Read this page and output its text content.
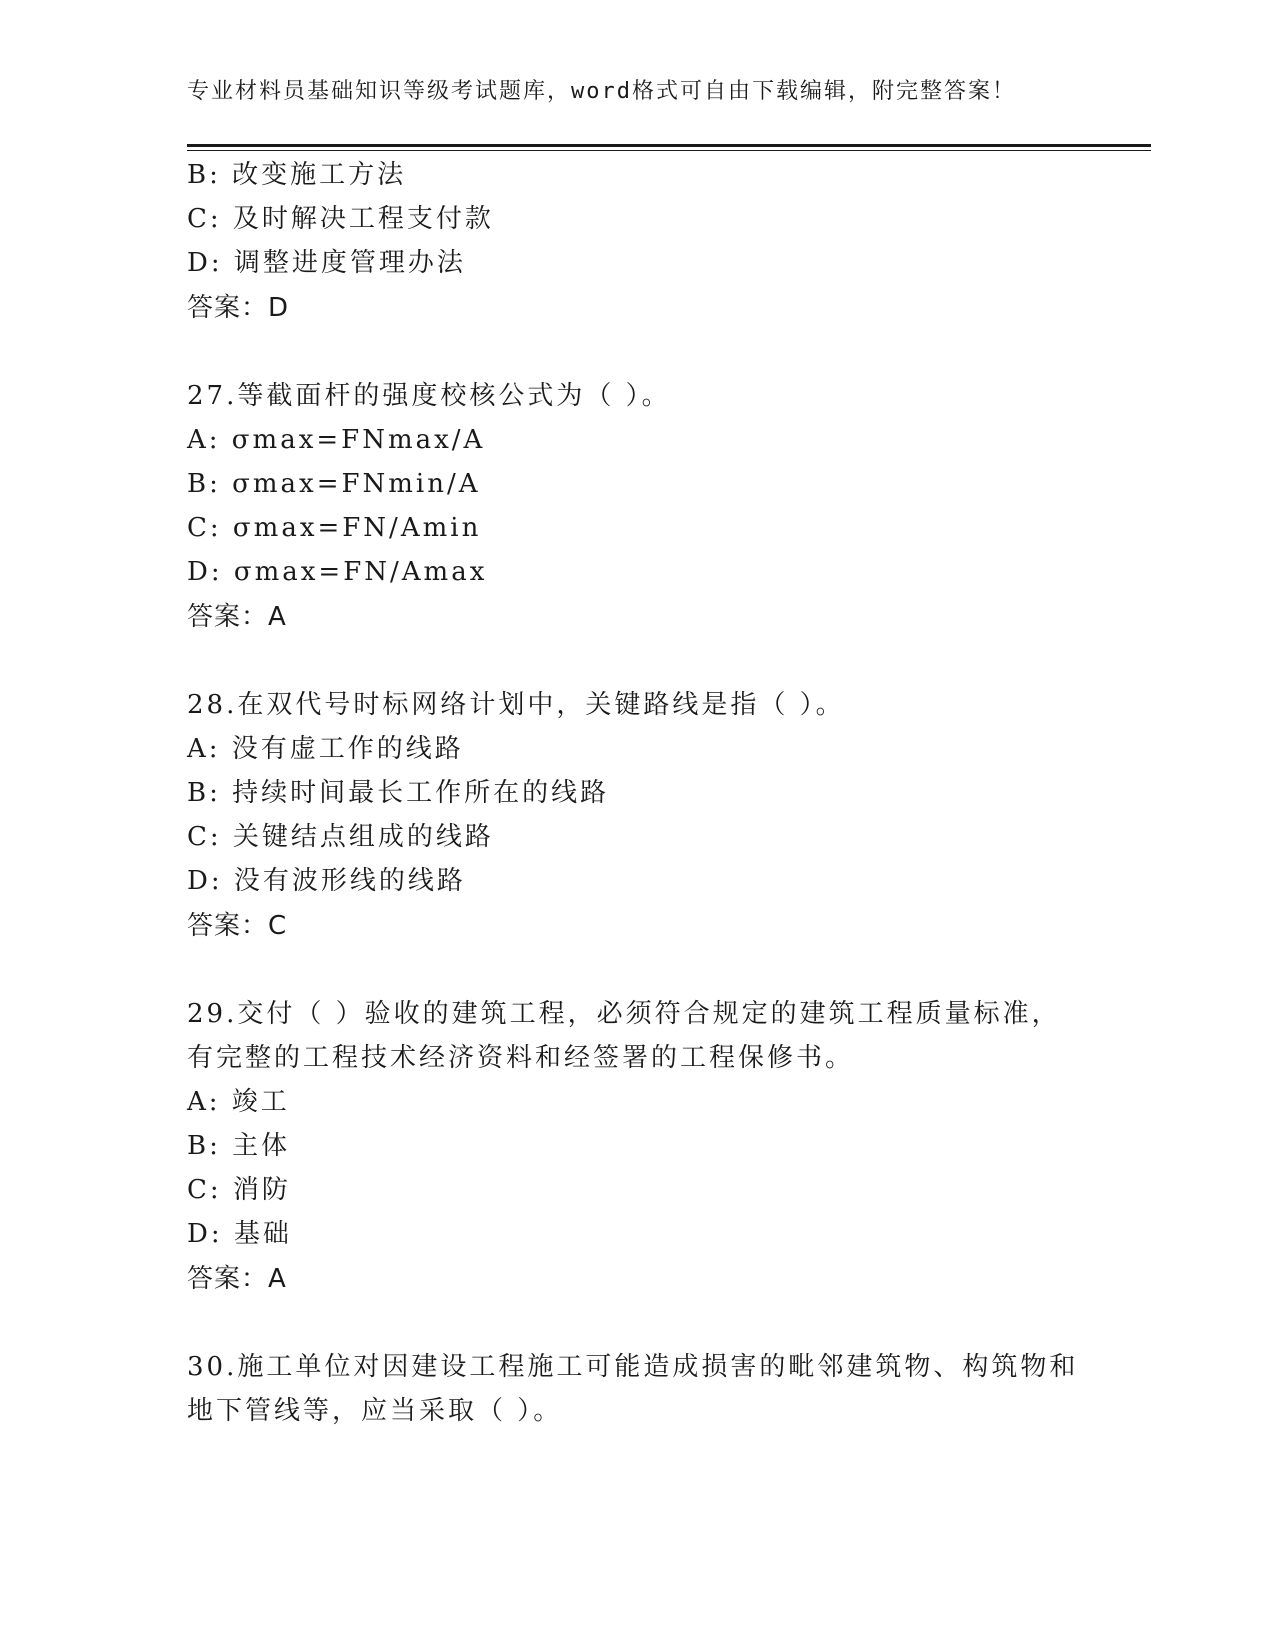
专业材料员基础知识等级考试题库，word格式可自由下载编辑，附完整答案！
B: 改变施工方法
C: 及时解决工程支付款
D: 调整进度管理办法
答案：D
27.等截面杆的强度校核公式为（ ）。
A: σmax=FNmax/A
B: σmax=FNmin/A
C: σmax=FN/Amin
D: σmax=FN/Amax
答案：A
28.在双代号时标网络计划中，关键路线是指（ ）。
A: 没有虚工作的线路
B: 持续时间最长工作所在的线路
C: 关键结点组成的线路
D: 没有波形线的线路
答案：C
29.交付（ ）验收的建筑工程，必须符合规定的建筑工程质量标准，
有完整的工程技术经济资料和经签署的工程保修书。
A: 竣工
B: 主体
C: 消防
D: 基础
答案：A
30.施工单位对因建设工程施工可能造成损害的毗邻建筑物、构筑物和
地下管线等，应当采取（ ）。
